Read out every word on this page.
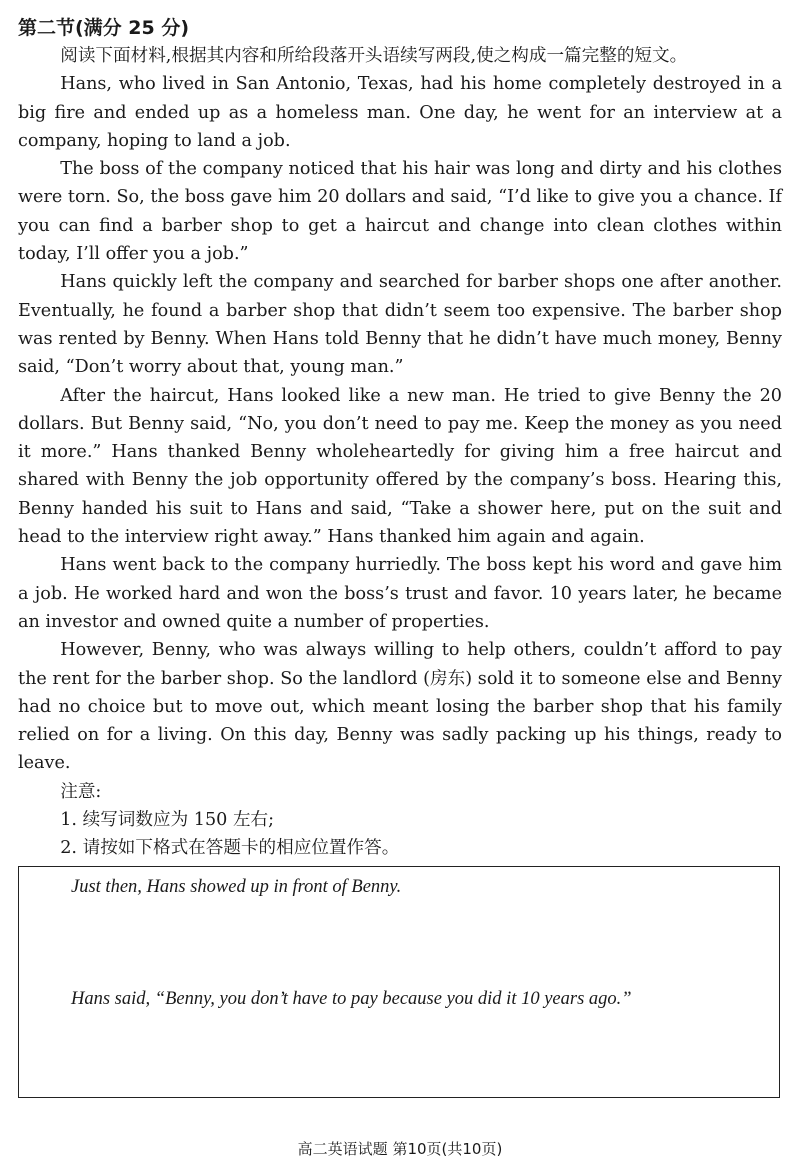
第二节(满分 25 分)

阅读下面材料,根据其内容和所给段落开头语续写两段,使之构成一篇完整的短文。

Hans, who lived in San Antonio, Texas, had his home completely destroyed in a big fire and ended up as a homeless man. One day, he went for an interview at a company, hoping to land a job.

The boss of the company noticed that his hair was long and dirty and his clothes were torn. So, the boss gave him 20 dollars and said, “I’d like to give you a chance. If you can find a barber shop to get a haircut and change into clean clothes within today, I’ll offer you a job.”

Hans quickly left the company and searched for barber shops one after another. Eventually, he found a barber shop that didn’t seem too expensive. The barber shop was rented by Benny. When Hans told Benny that he didn’t have much money, Benny said, “Don’t worry about that, young man.”

After the haircut, Hans looked like a new man. He tried to give Benny the 20 dollars. But Benny said, “No, you don’t need to pay me. Keep the money as you need it more.” Hans thanked Benny wholeheartedly for giving him a free haircut and shared with Benny the job opportunity offered by the company’s boss. Hearing this, Benny handed his suit to Hans and said, “Take a shower here, put on the suit and head to the interview right away.” Hans thanked him again and again.

Hans went back to the company hurriedly. The boss kept his word and gave him a job. He worked hard and won the boss’s trust and favor. 10 years later, he became an investor and owned quite a number of properties.

However, Benny, who was always willing to help others, couldn’t afford to pay the rent for the barber shop. So the landlord (房东) sold it to someone else and Benny had no choice but to move out, which meant losing the barber shop that his family relied on for a living. On this day, Benny was sadly packing up his things, ready to leave.

注意:

1. 续写词数应为 150 左右;

2. 请按如下格式在答题卡的相应位置作答。

Just then, Hans showed up in front of Benny.
Hans said, “Benny, you don’t have to pay because you did it 10 years ago.”
高二英语试题 第10页(共10页)
